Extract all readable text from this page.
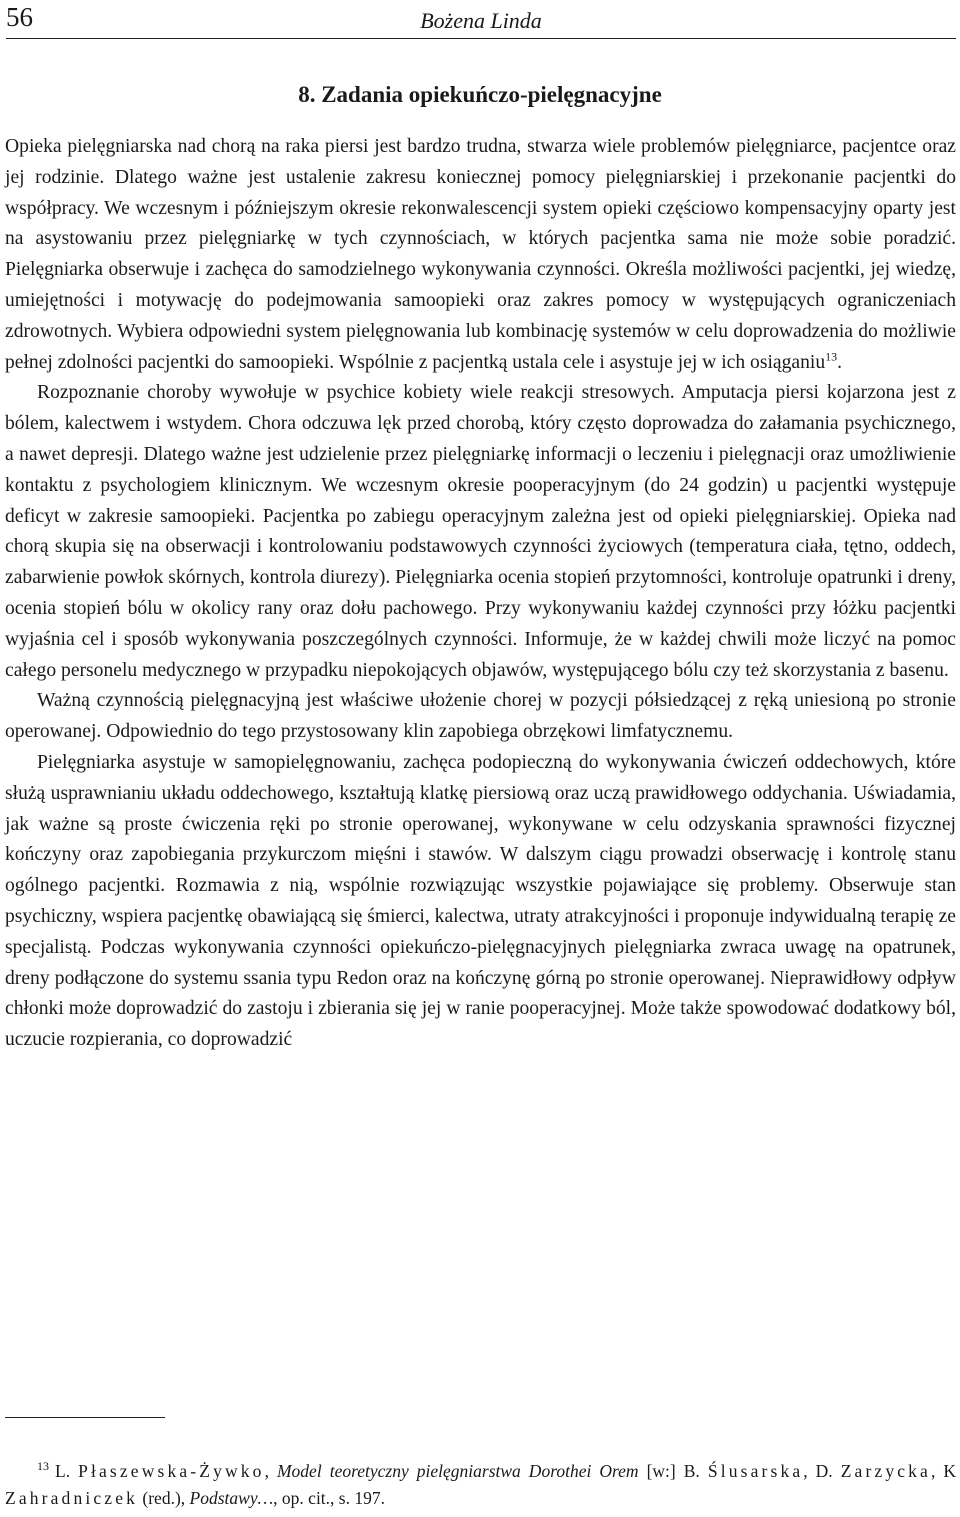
56	Bożena Linda
8. Zadania opiekuńczo-pielęgnacyjne

Opieka pielęgniarska nad chorą na raka piersi jest bardzo trudna, stwarza wiele problemów pielęgniarce, pacjentce oraz jej rodzinie. Dlatego ważne jest ustalenie zakresu koniecznej pomocy pielęgniarskiej i przekonanie pacjentki do współpracy. We wczesnym i późniejszym okresie rekonwalescencji system opieki częściowo kompensacyjny oparty jest na asystowaniu przez pielęgniarkę w tych czynnościach, w których pacjentka sama nie może sobie poradzić. Pielęgniarka obserwuje i zachęca do samodzielnego wykonywania czynności. Określa możliwości pacjentki, jej wiedzę, umiejętności i motywację do podejmowania samoopieki oraz zakres pomocy w występujących ograniczeniach zdrowotnych. Wybiera odpowiedni system pielęgnowania lub kombinację systemów w celu doprowadzenia do możliwie pełnej zdolności pacjentki do samoopieki. Wspólnie z pacjentką ustala cele i asystuje jej w ich osiąganiu$^{13}$.

Rozpoznanie choroby wywołuje w psychice kobiety wiele reakcji stresowych. Amputacja piersi kojarzona jest z bólem, kalectwem i wstydem. Chora odczuwa lęk przed chorobą, który często doprowadza do załamania psychicznego, a nawet depresji. Dlatego ważne jest udzielenie przez pielęgniarkę informacji o leczeniu i pielęgnacji oraz umożliwienie kontaktu z psychologiem klinicznym. We wczesnym okresie pooperacyjnym (do 24 godzin) u pacjentki występuje deficyt w zakresie samoopieki. Pacjentka po zabiegu operacyjnym zależna jest od opieki pielęgniarskiej. Opieka nad chorą skupia się na obserwacji i kontrolowaniu podstawowych czynności życiowych (temperatura ciała, tętno, oddech, zabarwienie powłok skórnych, kontrola diurezy). Pielęgniarka ocenia stopień przytomności, kontroluje opatrunki i dreny, ocenia stopień bólu w okolicy rany oraz dołu pachowego. Przy wykonywaniu każdej czynności przy łóżku pacjentki wyjaśnia cel i sposób wykonywania poszczególnych czynności. Informuje, że w każdej chwili może liczyć na pomoc całego personelu medycznego w przypadku niepokojących objawów, występującego bólu czy też skorzystania z basenu.

Ważną czynnością pielęgnacyjną jest właściwe ułożenie chorej w pozycji półsiedzącej z ręką uniesioną po stronie operowanej. Odpowiednio do tego przystosowany klin zapobiega obrzękowi limfatycznemu.

Pielęgniarka asystuje w samopielęgnowaniu, zachęca podopieczną do wykonywania ćwiczeń oddechowych, które służą usprawnianiu układu oddechowego, kształtują klatkę piersiową oraz uczą prawidłowego oddychania. Uświadamia, jak ważne są proste ćwiczenia ręki po stronie operowanej, wykonywane w celu odzyskania sprawności fizycznej kończyny oraz zapobiegania przykurczom mięśni i stawów. W dalszym ciągu prowadzi obserwację i kontrolę stanu ogólnego pacjentki. Rozmawia z nią, wspólnie rozwiązując wszystkie pojawiające się problemy. Obserwuje stan psychiczny, wspiera pacjentkę obawiającą się śmierci, kalectwa, utraty atrakcyjności i proponuje indywidualną terapię ze specjalistą. Podczas wykonywania czynności opiekuńczo-pielęgnacyjnych pielęgniarka zwraca uwagę na opatrunek, dreny podłączone do systemu ssania typu Redon oraz na kończynę górną po stronie operowanej. Nieprawidłowy odpływ chłonki może doprowadzić do zastoju i zbierania się jej w ranie pooperacyjnej. Może także spowodować dodatkowy ból, uczucie rozpierania, co doprowadzić

$^{13}$ L. Płaszewska-Żywko, Model teoretyczny pielęgniarstwa Dorothei Orem [w:] B. Ślusarska, D. Zarzycka, K Zahradniczek (red.), Podstawy…, op. cit., s. 197.
